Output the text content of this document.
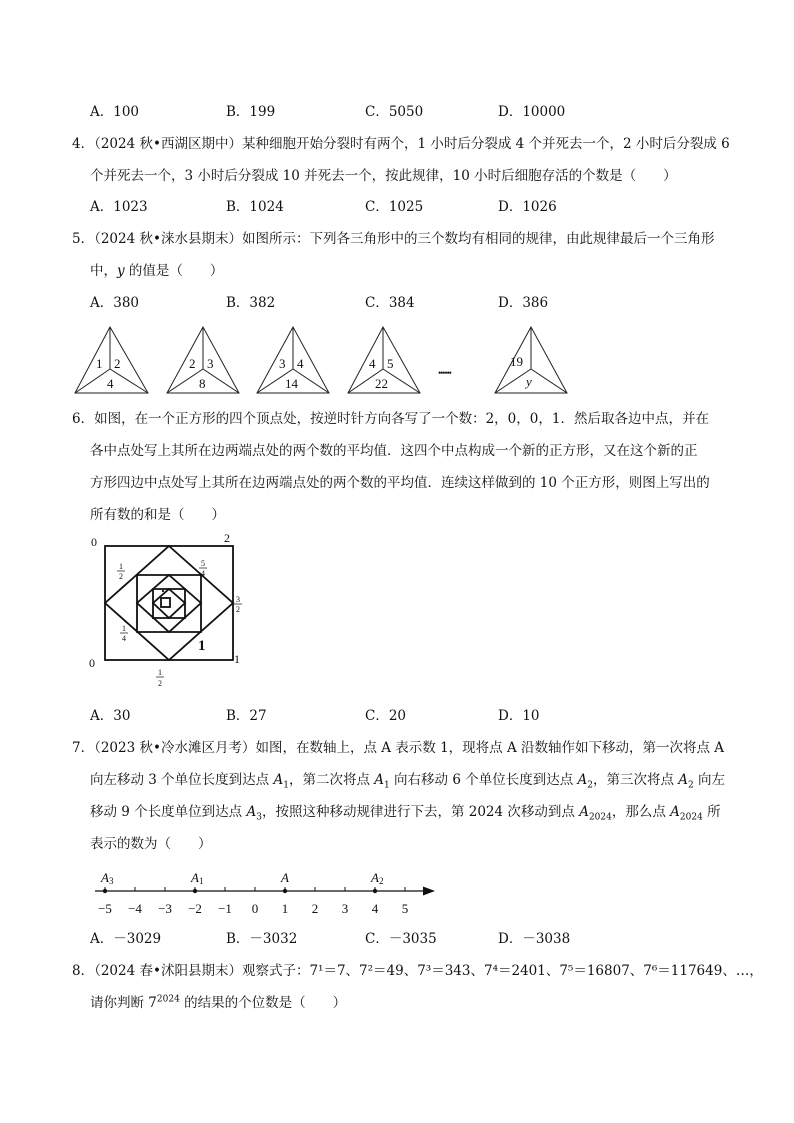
A．100	B．199	C．5050	D．10000
4．（2024 秋•西湖区期中）某种细胞开始分裂时有两个，1 小时后分裂成 4 个并死去一个，2 小时后分裂成 6
个并死去一个，3 小时后分裂成 10 并死去一个，按此规律，10 小时后细胞存活的个数是（　　）
A．1023	B．1024	C．1025	D．1026
5．（2024 秋•涞水县期末）如图所示：下列各三角形中的三个数均有相同的规律，由此规律最后一个三角形
中，y 的值是（　　）
A．380	B．382	C．384	D．386
1 2
4
2 3
8
3 4
14
4 5
22
19
y
••••••
6．如图，在一个正方形的四个顶点处，按逆时针方向各写了一个数：2，0，0，1．然后取各边中点，并在
各中点处写上其所在边两端点处的两个数的平均值．这四个中点构成一个新的正方形，又在这个新的正
方形四边中点处写上其所在边两端点处的两个数的平均值．连续这样做到的 10 个正方形，则图上写出的
所有数的和是（　　）
0	2
0	1
1
2
5
4
3
2
1
4
1
2
1
A．30	B．27	C．20	D．10
7．（2023 秋•冷水滩区月考）如图，在数轴上，点 A 表示数 1，现将点 A 沿数轴作如下移动，第一次将点 A
向左移动 3 个单位长度到达点 $A_1$，第二次将点 $A_1$ 向右移动 6 个单位长度到达点 $A_2$，第三次将点 $A_2$ 向左
移动 9 个长度单位到达点 $A_3$，按照这种移动规律进行下去，第 2024 次移动到点 $A_{2024}$，那么点 $A_{2024}$ 所
表示的数为（　　）
−5 −4 −3 −2 −1 0 1 2 3 4 5
A3	A1	A	A2
A．－3029	B．－3032	C．－3035	D．－3038
8．（2024 春•沭阳县期末）观察式子：7¹＝7、7²＝49、7³＝343、7⁴＝2401、7⁵＝16807、7⁶＝117649、…，
请你判断 $7^{2024}$ 的结果的个位数是（　　）
